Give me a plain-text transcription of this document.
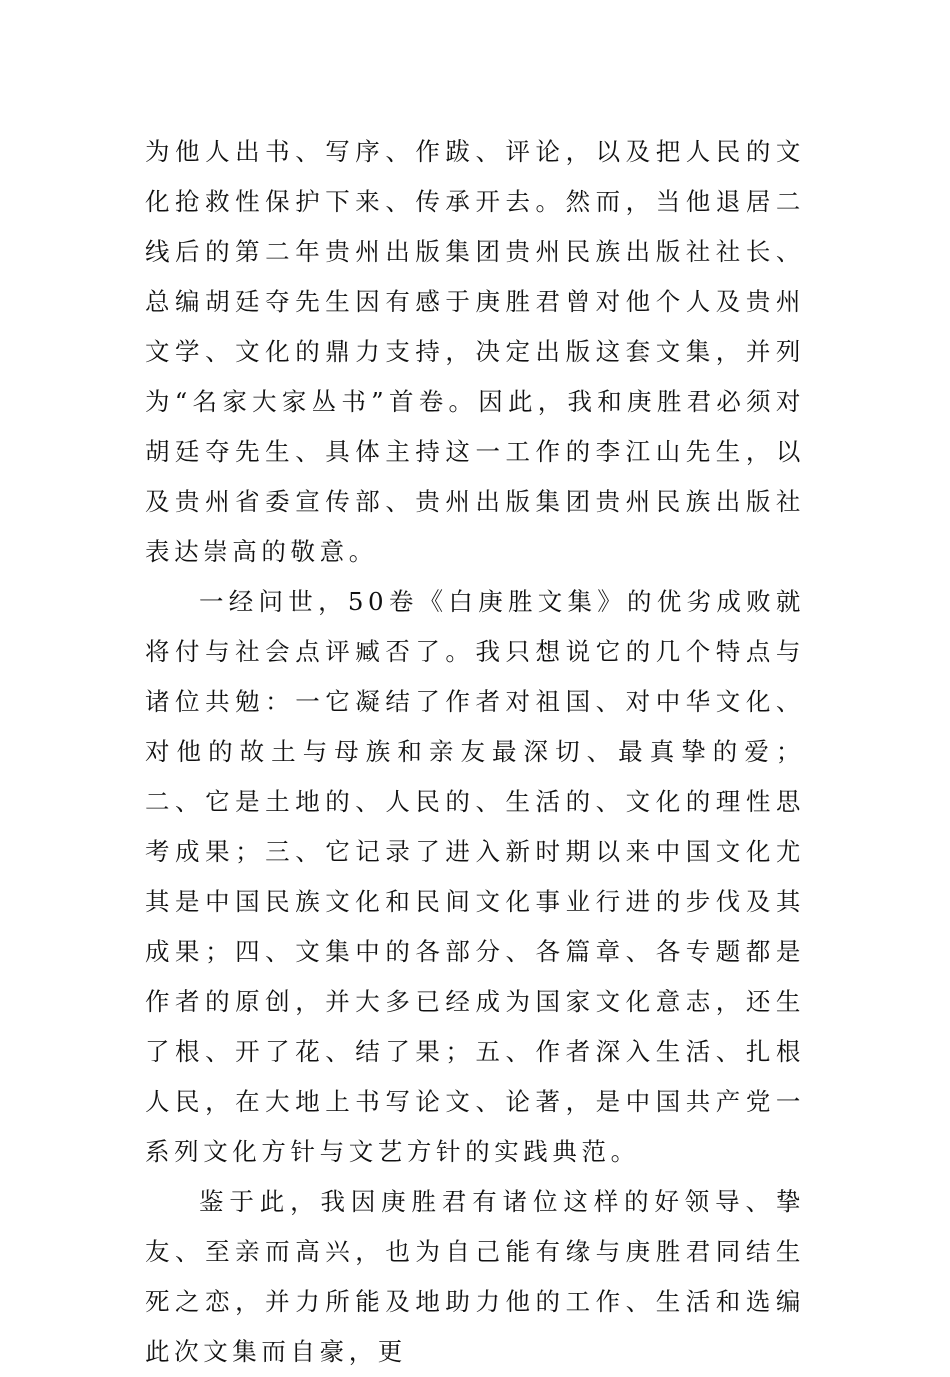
为他人出书、写序、作跋、评论，以及把人民的文化抢救性保护下来、传承开去。然而，当他退居二线后的第二年贵州出版集团贵州民族出版社社长、总编胡廷夺先生因有感于庚胜君曾对他个人及贵州文学、文化的鼎力支持，决定出版这套文集，并列为“名家大家丛书”首卷。因此，我和庚胜君必须对胡廷夺先生、具体主持这一工作的李江山先生，以及贵州省委宣传部、贵州出版集团贵州民族出版社表达崇高的敬意。

一经问世，50卷《白庚胜文集》的优劣成败就将付与社会点评臧否了。我只想说它的几个特点与诸位共勉：一它凝结了作者对祖国、对中华文化、对他的故土与母族和亲友最深切、最真挚的爱；二、它是土地的、人民的、生活的、文化的理性思考成果；三、它记录了进入新时期以来中国文化尤其是中国民族文化和民间文化事业行进的步伐及其成果；四、文集中的各部分、各篇章、各专题都是作者的原创，并大多已经成为国家文化意志，还生了根、开了花、结了果；五、作者深入生活、扎根人民，在大地上书写论文、论著，是中国共产党一系列文化方针与文艺方针的实践典范。

鉴于此，我因庚胜君有诸位这样的好领导、挚友、至亲而高兴，也为自己能有缘与庚胜君同结生死之恋，并力所能及地助力他的工作、生活和选编此次文集而自豪，更
